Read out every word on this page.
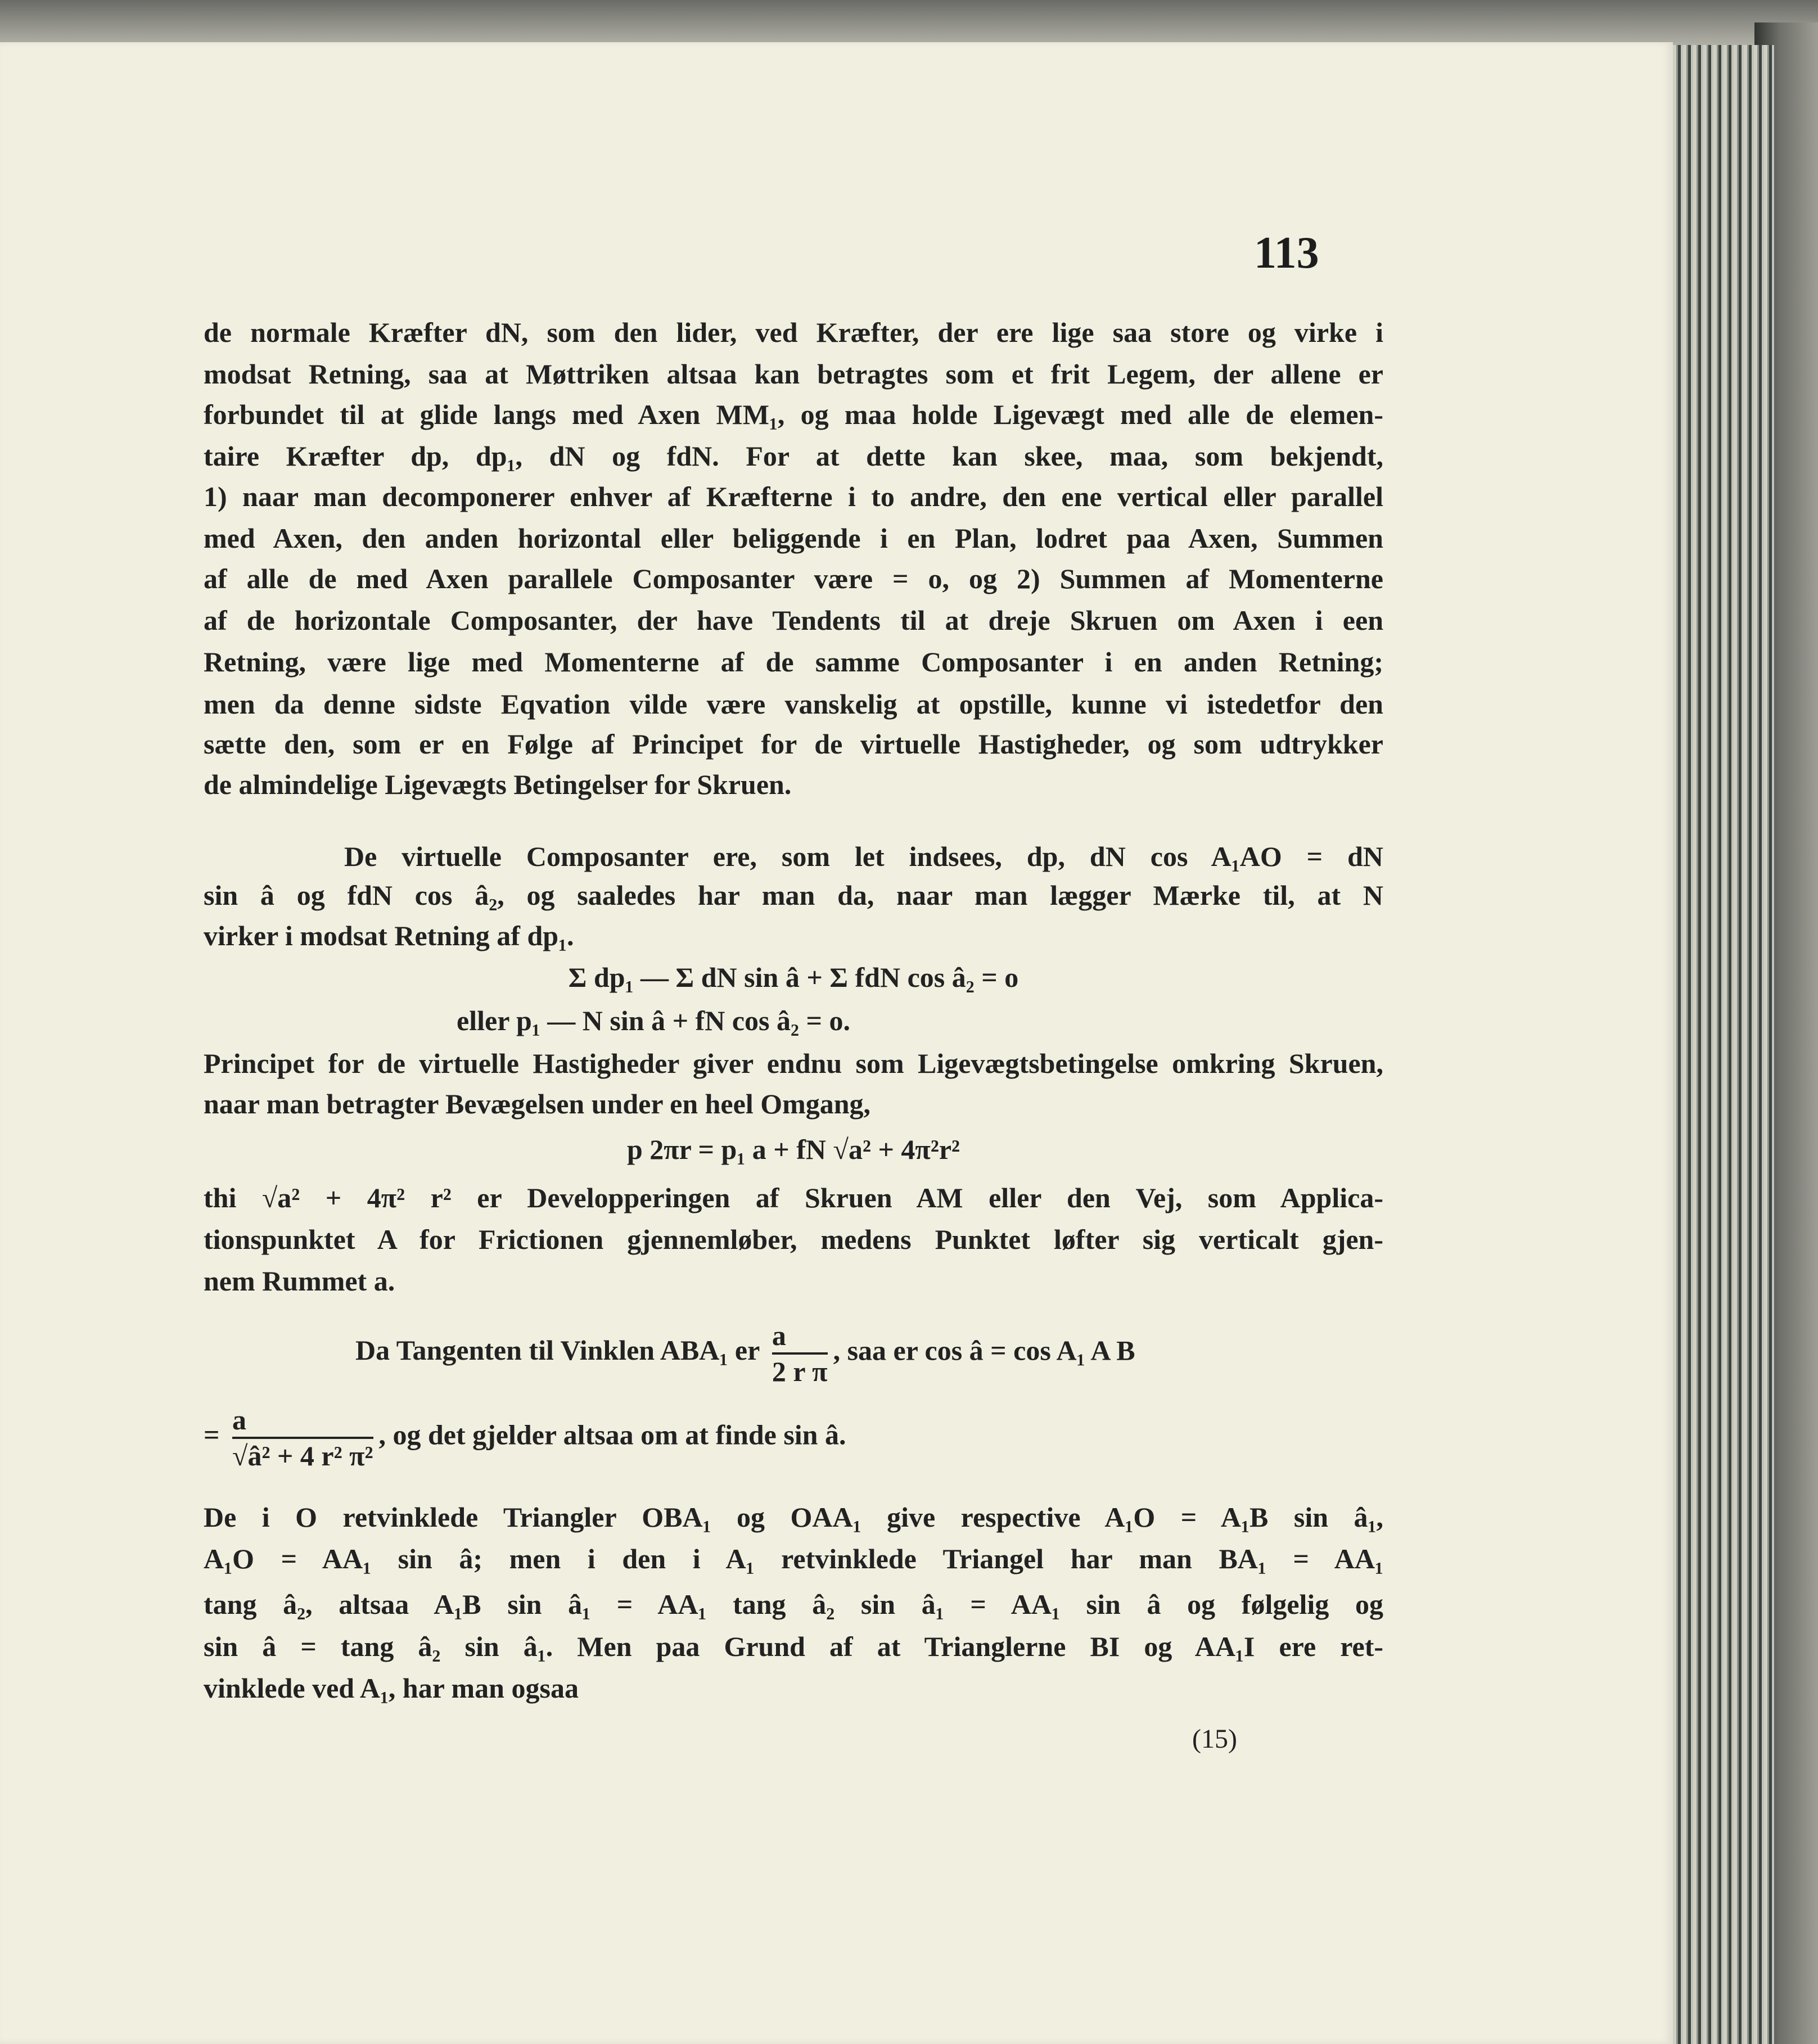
113
de normale Kræfter dN, som den lider, ved Kræfter, der ere lige saa store og virke i
modsat Retning, saa at Møttriken altsaa kan betragtes som et frit Legem, der allene er
forbundet til at glide langs med Axen MM₁, og maa holde Ligevægt med alle de elemen-
taire Kræfter dp, dp₁, dN og fdN. For at dette kan skee, maa, som bekjendt,
1) naar man decomponerer enhver af Kræfterne i to andre, den ene vertical eller parallel
med Axen, den anden horizontal eller beliggende i en Plan, lodret paa Axen, Summen
af alle de med Axen parallele Composanter være = o, og 2) Summen af Momenterne
af de horizontale Composanter, der have Tendents til at dreje Skruen om Axen i een
Retning, være lige med Momenterne af de samme Composanter i en anden Retning;
men da denne sidste Eqvation vilde være vanskelig at opstille, kunne vi istedetfor den
sætte den, som er en Følge af Principet for de virtuelle Hastigheder, og som udtrykker
de almindelige Ligevægts Betingelser for Skruen.
De virtuelle Composanter ere, som let indsees, dp, dN cos A₁AO = dN
sin â og fdN cos â₂, og saaledes har man da, naar man lægger Mærke til, at N
virker i modsat Retning af dp₁.
Σ dp₁ — Σ dN sin â + Σ fdN cos â₂ = o
eller p₁ — N sin â + fN cos â₂ = o.
Principet for de virtuelle Hastigheder giver endnu som Ligevægtsbetingelse omkring Skruen,
naar man betragter Bevægelsen under en heel Omgang,
p 2πr = p₁ a + fN √a² + 4π²r²
thi √a² + 4π² r² er Developperingen af Skruen AM eller den Vej, som Applica-
tionspunktet A for Frictionen gjennemløber, medens Punktet løfter sig verticalt gjen-
nem Rummet a.
De i O retvinklede Triangler OBA₁ og OAA₁ give respective A₁O = A₁B sin â₁,
A₁O = AA₁ sin â; men i den i A₁ retvinklede Triangel har man BA₁ = AA₁
tang â₂, altsaa A₁B sin â₁ = AA₁ tang â₂ sin â₁ = AA₁ sin â og følgelig og
sin â = tang â₂ sin â₁. Men paa Grund af at Trianglerne BI og AA₁I ere ret-
vinklede ved A₁, har man ogsaa
Da Tangenten til Vinklen ABA₁ er $\frac{a}{\text{2 r π}}$ , saa er cos â = cos A₁ A B
= $\frac{a}{\text{√â² + 4 r² π²}}$ , og det gjelder altsaa om at finde sin â.
(15)
